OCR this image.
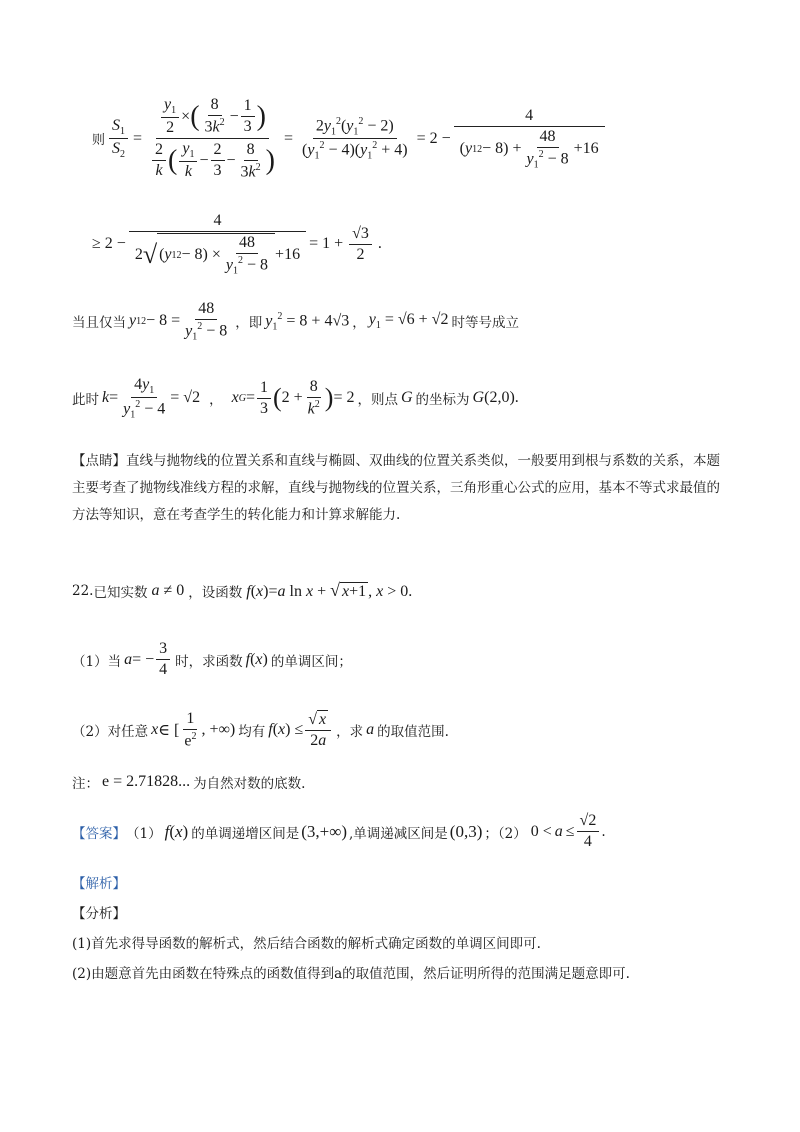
则 $\frac{S_1}{S_2} = \frac{\frac{y_1}{2} \times ( \frac{8}{3k^2} - \frac{1}{3} )}{\frac{2}{k} ( \frac{y_1}{k} - \frac{2}{3} - \frac{8}{3k^2} )} = \frac{2y_1^2(y_1^2 - 2)}{(y_1^2 - 4)(y_1^2 + 4)} = 2 - \frac{4}{( y 1 2 - 8) + \frac{48}{y_1^2 - 8} +16}$
≥ $2 - \frac{4}{2 √ ( y 1 2 - 8) \times \frac{48}{y_1^2 - 8} +16} = 1 + \frac{√3}{2}$ .
当且仅当 y 1 $2 - 8 = \frac{48}{y_1^2 - 8}$ ，即 $y_1^2 = 8 + 4√3$ ， $y_1 = √6 + √2$ 时等号成立
此时 $k = \frac{4y_1}{y_1^2 - 4} = √2$ ， x $G = \frac{1}{3}$ ( $2 + \frac{8}{k^2}$ ) = 2 ，则点 G 的坐标为 G(2,0).
【点睛】直线与抛物线的位置关系和直线与椭圆、双曲线的位置关系类似，一般要用到根与系数的关系，本题主要考查了抛物线准线方程的求解，直线与抛物线的位置关系，三角形重心公式的应用，基本不等式求最值的方法等知识，意在考查学生的转化能力和计算求解能力.
22. 已知实数 a ≠ 0 ，设函数 f(x)=a ln x + √ x+1 , x > 0.
（1）当 a = − $\frac{3}{4}$ 时，求函数 f(x) 的单调区间；
（2）对任意 x ∈ [ $\frac{1}{e^2}$ , +∞) 均有 f ( x ) ≤ $\frac{√ x}{2a}$ ，求 a 的取值范围.
注： e = 2.71828... 为自然对数的底数.
【答案】 （1） f(x) 的单调递增区间是 (3,+∞) ,单调递减区间是 (0,3) ；（2） $0 < a \le \frac{√2}{4}$ .
【解析】
【分析】
(1)首先求得导函数的解析式，然后结合函数的解析式确定函数的单调区间即可.
(2)由题意首先由函数在特殊点的函数值得到a的取值范围，然后证明所得的范围满足题意即可.
